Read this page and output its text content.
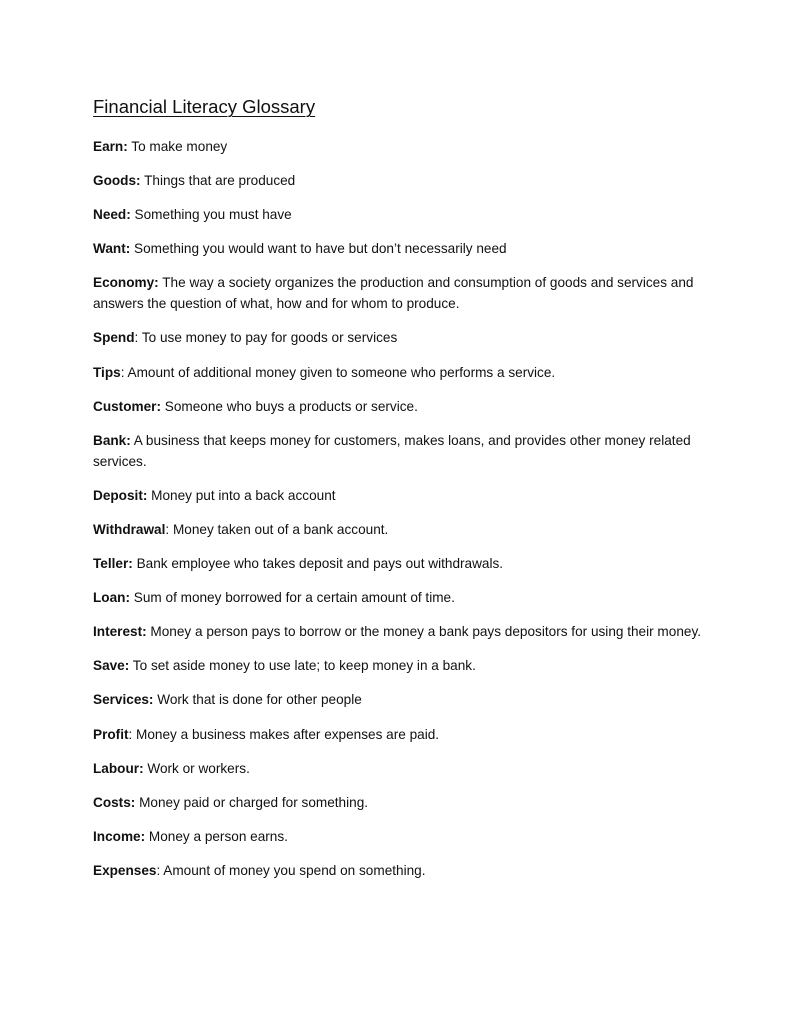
Financial Literacy Glossary

Earn: To make money

Goods: Things that are produced

Need: Something you must have

Want: Something you would want to have but don’t necessarily need

Economy: The way a society organizes the production and consumption of goods and services and answers the question of what, how and for whom to produce.

Spend: To use money to pay for goods or services

Tips: Amount of additional money given to someone who performs a service.

Customer: Someone who buys a products or service.

Bank: A business that keeps money for customers, makes loans, and provides other money related services.

Deposit: Money put into a back account

Withdrawal: Money taken out of a bank account.

Teller: Bank employee who takes deposit and pays out withdrawals.

Loan: Sum of money borrowed for a certain amount of time.

Interest: Money a person pays to borrow or the money a bank pays depositors for using their money.

Save: To set aside money to use late; to keep money in a bank.

Services: Work that is done for other people

Profit: Money a business makes after expenses are paid.

Labour: Work or workers.

Costs: Money paid or charged for something.

Income: Money a person earns.

Expenses: Amount of money you spend on something.
